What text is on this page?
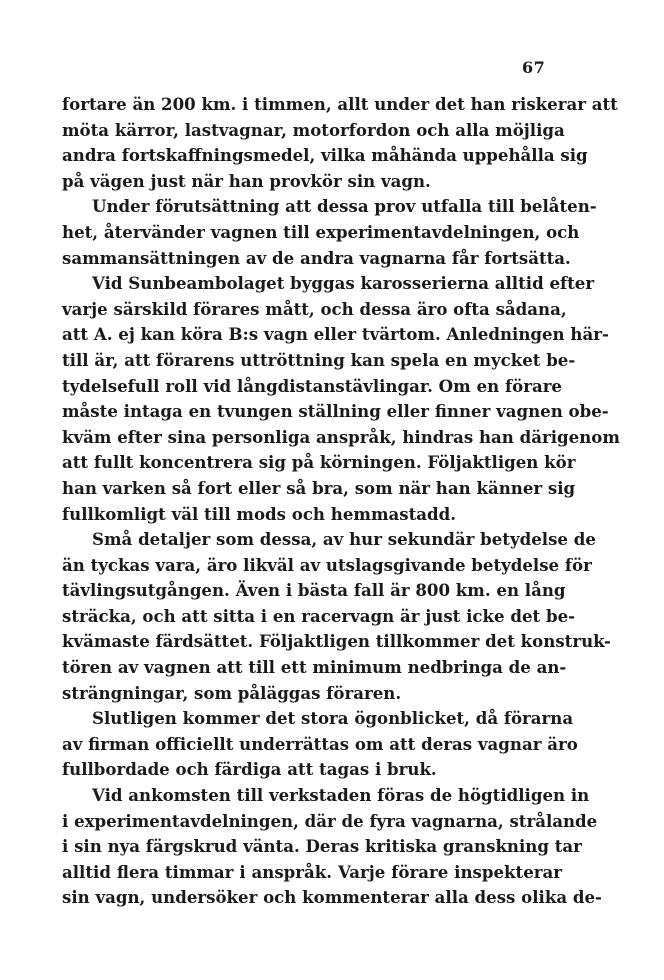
67
fortare än 200 km. i timmen, allt under det han riskerar att
möta kärror, lastvagnar, motorfordon och alla möjliga
andra fortskaffningsmedel, vilka måhända uppehålla sig
på vägen just när han provkör sin vagn.
Under förutsättning att dessa prov utfalla till belåten-
het, återvänder vagnen till experimentavdelningen, och
sammansättningen av de andra vagnarna får fortsätta.
Vid Sunbeambolaget byggas karosserierna alltid efter
varje särskild förares mått, och dessa äro ofta sådana,
att A. ej kan köra B:s vagn eller tvärtom. Anledningen här-
till är, att förarens uttröttning kan spela en mycket be-
tydelsefull roll vid långdistanstävlingar. Om en förare
måste intaga en tvungen ställning eller finner vagnen obe-
kväm efter sina personliga anspråk, hindras han därigenom
att fullt koncentrera sig på körningen. Följaktligen kör
han varken så fort eller så bra, som när han känner sig
fullkomligt väl till mods och hemmastadd.
Små detaljer som dessa, av hur sekundär betydelse de
än tyckas vara, äro likväl av utslagsgivande betydelse för
tävlingsutgången. Även i bästa fall är 800 km. en lång
sträcka, och att sitta i en racervagn är just icke det be-
kvämaste färdsättet. Följaktligen tillkommer det konstruk-
tören av vagnen att till ett minimum nedbringa de an-
strängningar, som påläggas föraren.
Slutligen kommer det stora ögonblicket, då förarna
av firman officiellt underrättas om att deras vagnar äro
fullbordade och färdiga att tagas i bruk.
Vid ankomsten till verkstaden föras de högtidligen in
i experimentavdelningen, där de fyra vagnarna, strålande
i sin nya färgskrud vänta. Deras kritiska granskning tar
alltid flera timmar i anspråk. Varje förare inspekterar
sin vagn, undersöker och kommenterar alla dess olika de-
